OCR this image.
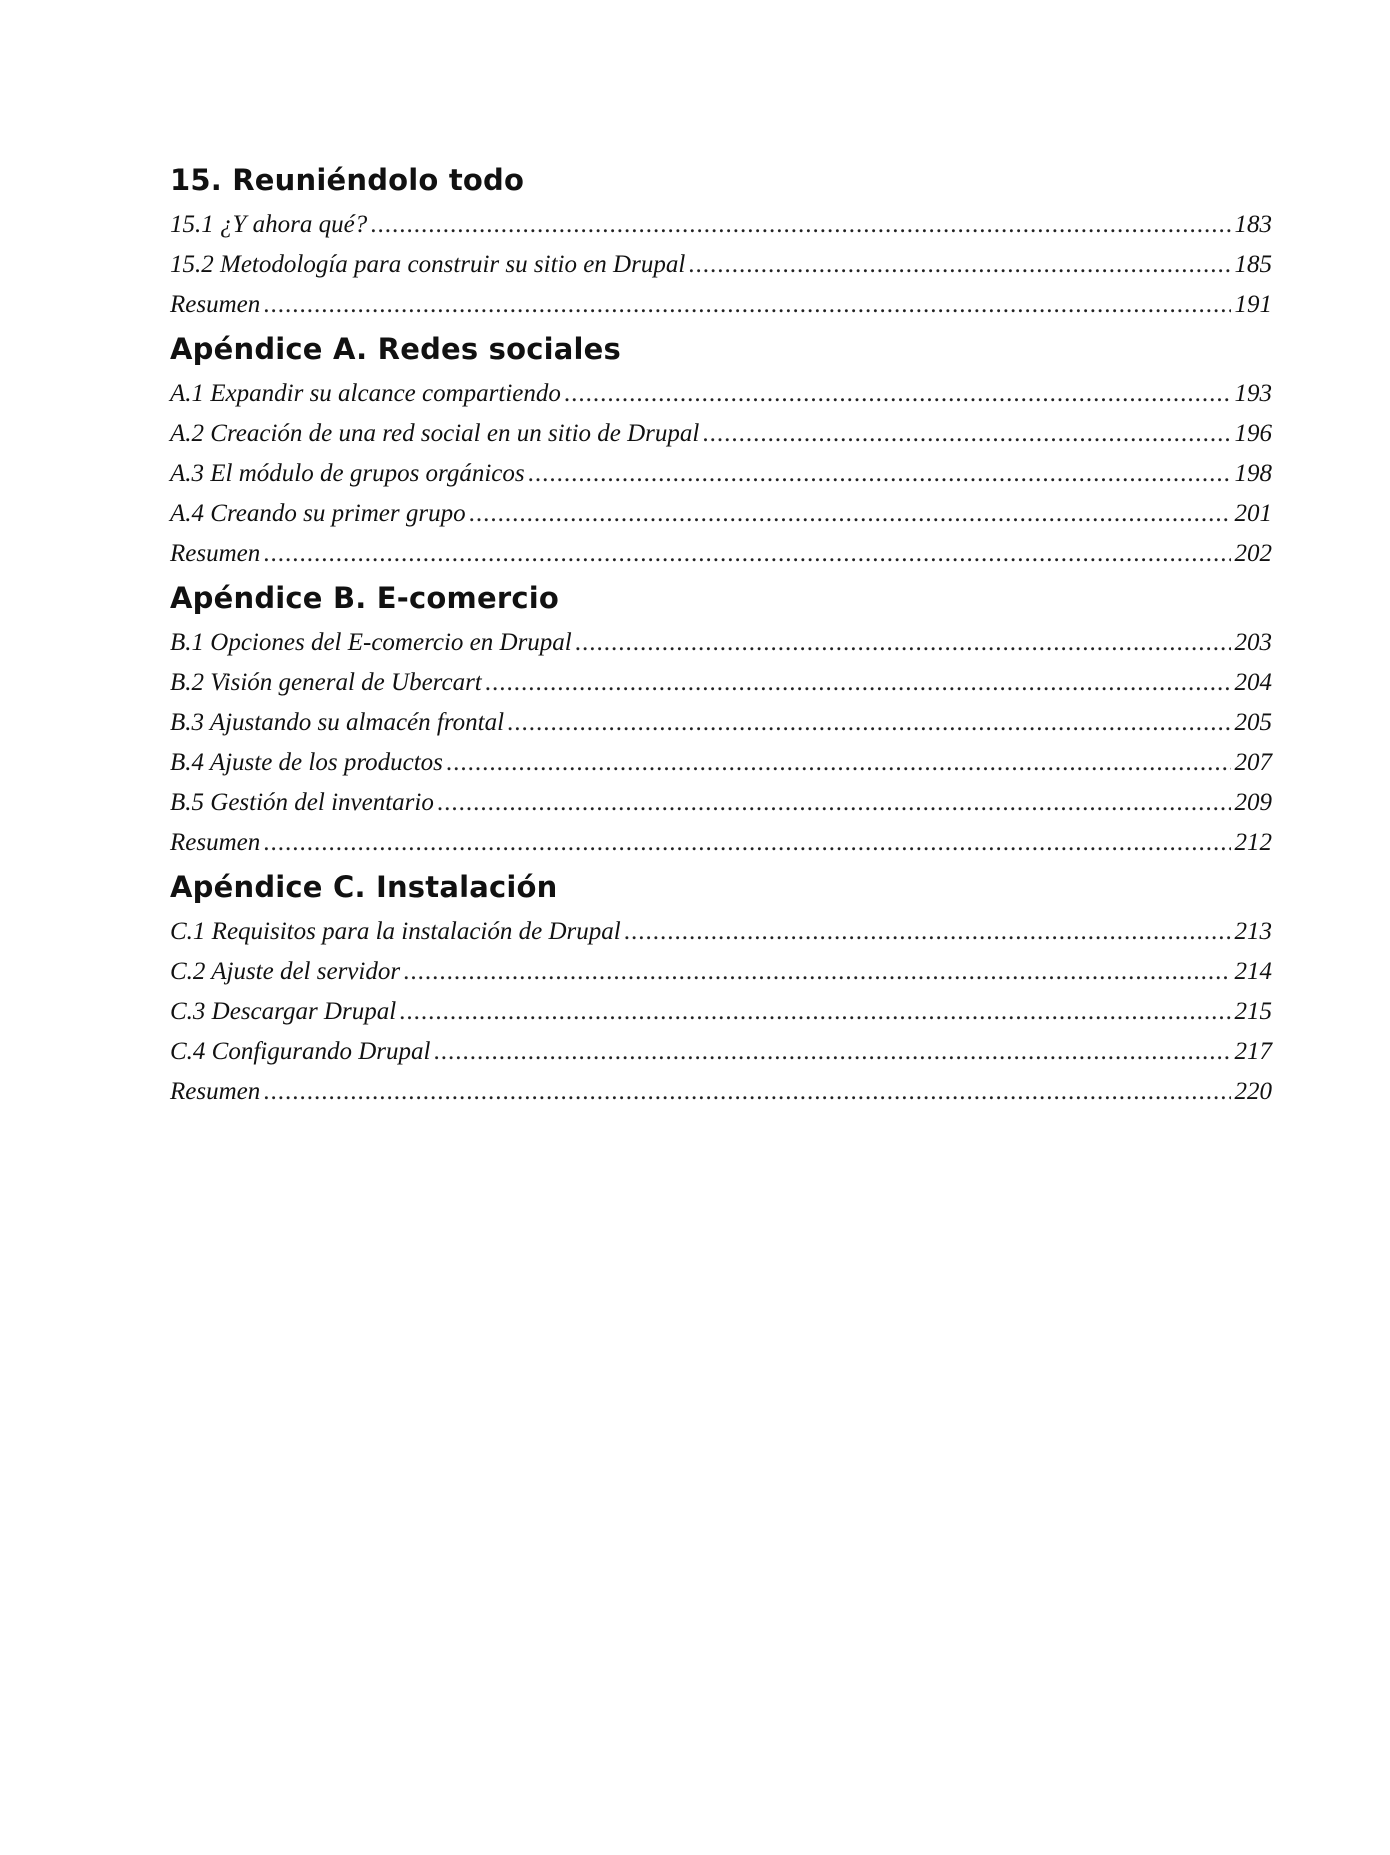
15. Reuniéndolo todo
15.1 ¿Y ahora qué? .....	183
15.2 Metodología para construir su sitio en Drupal .....	185
Resumen .....	191
Apéndice A. Redes sociales
A.1 Expandir su alcance compartiendo .....	193
A.2 Creación de una red social en un sitio de Drupal .....	196
A.3 El módulo de grupos orgánicos .....	198
A.4 Creando su primer grupo .....	201
Resumen .....	202
Apéndice B. E-comercio
B.1 Opciones del E-comercio en Drupal .....	203
B.2 Visión general de Ubercart .....	204
B.3 Ajustando su almacén frontal .....	205
B.4 Ajuste de los productos .....	207
B.5 Gestión del inventario .....	209
Resumen .....	212
Apéndice C. Instalación
C.1 Requisitos para la instalación de Drupal .....	213
C.2 Ajuste del servidor .....	214
C.3 Descargar Drupal .....	215
C.4 Configurando Drupal .....	217
Resumen .....	220
